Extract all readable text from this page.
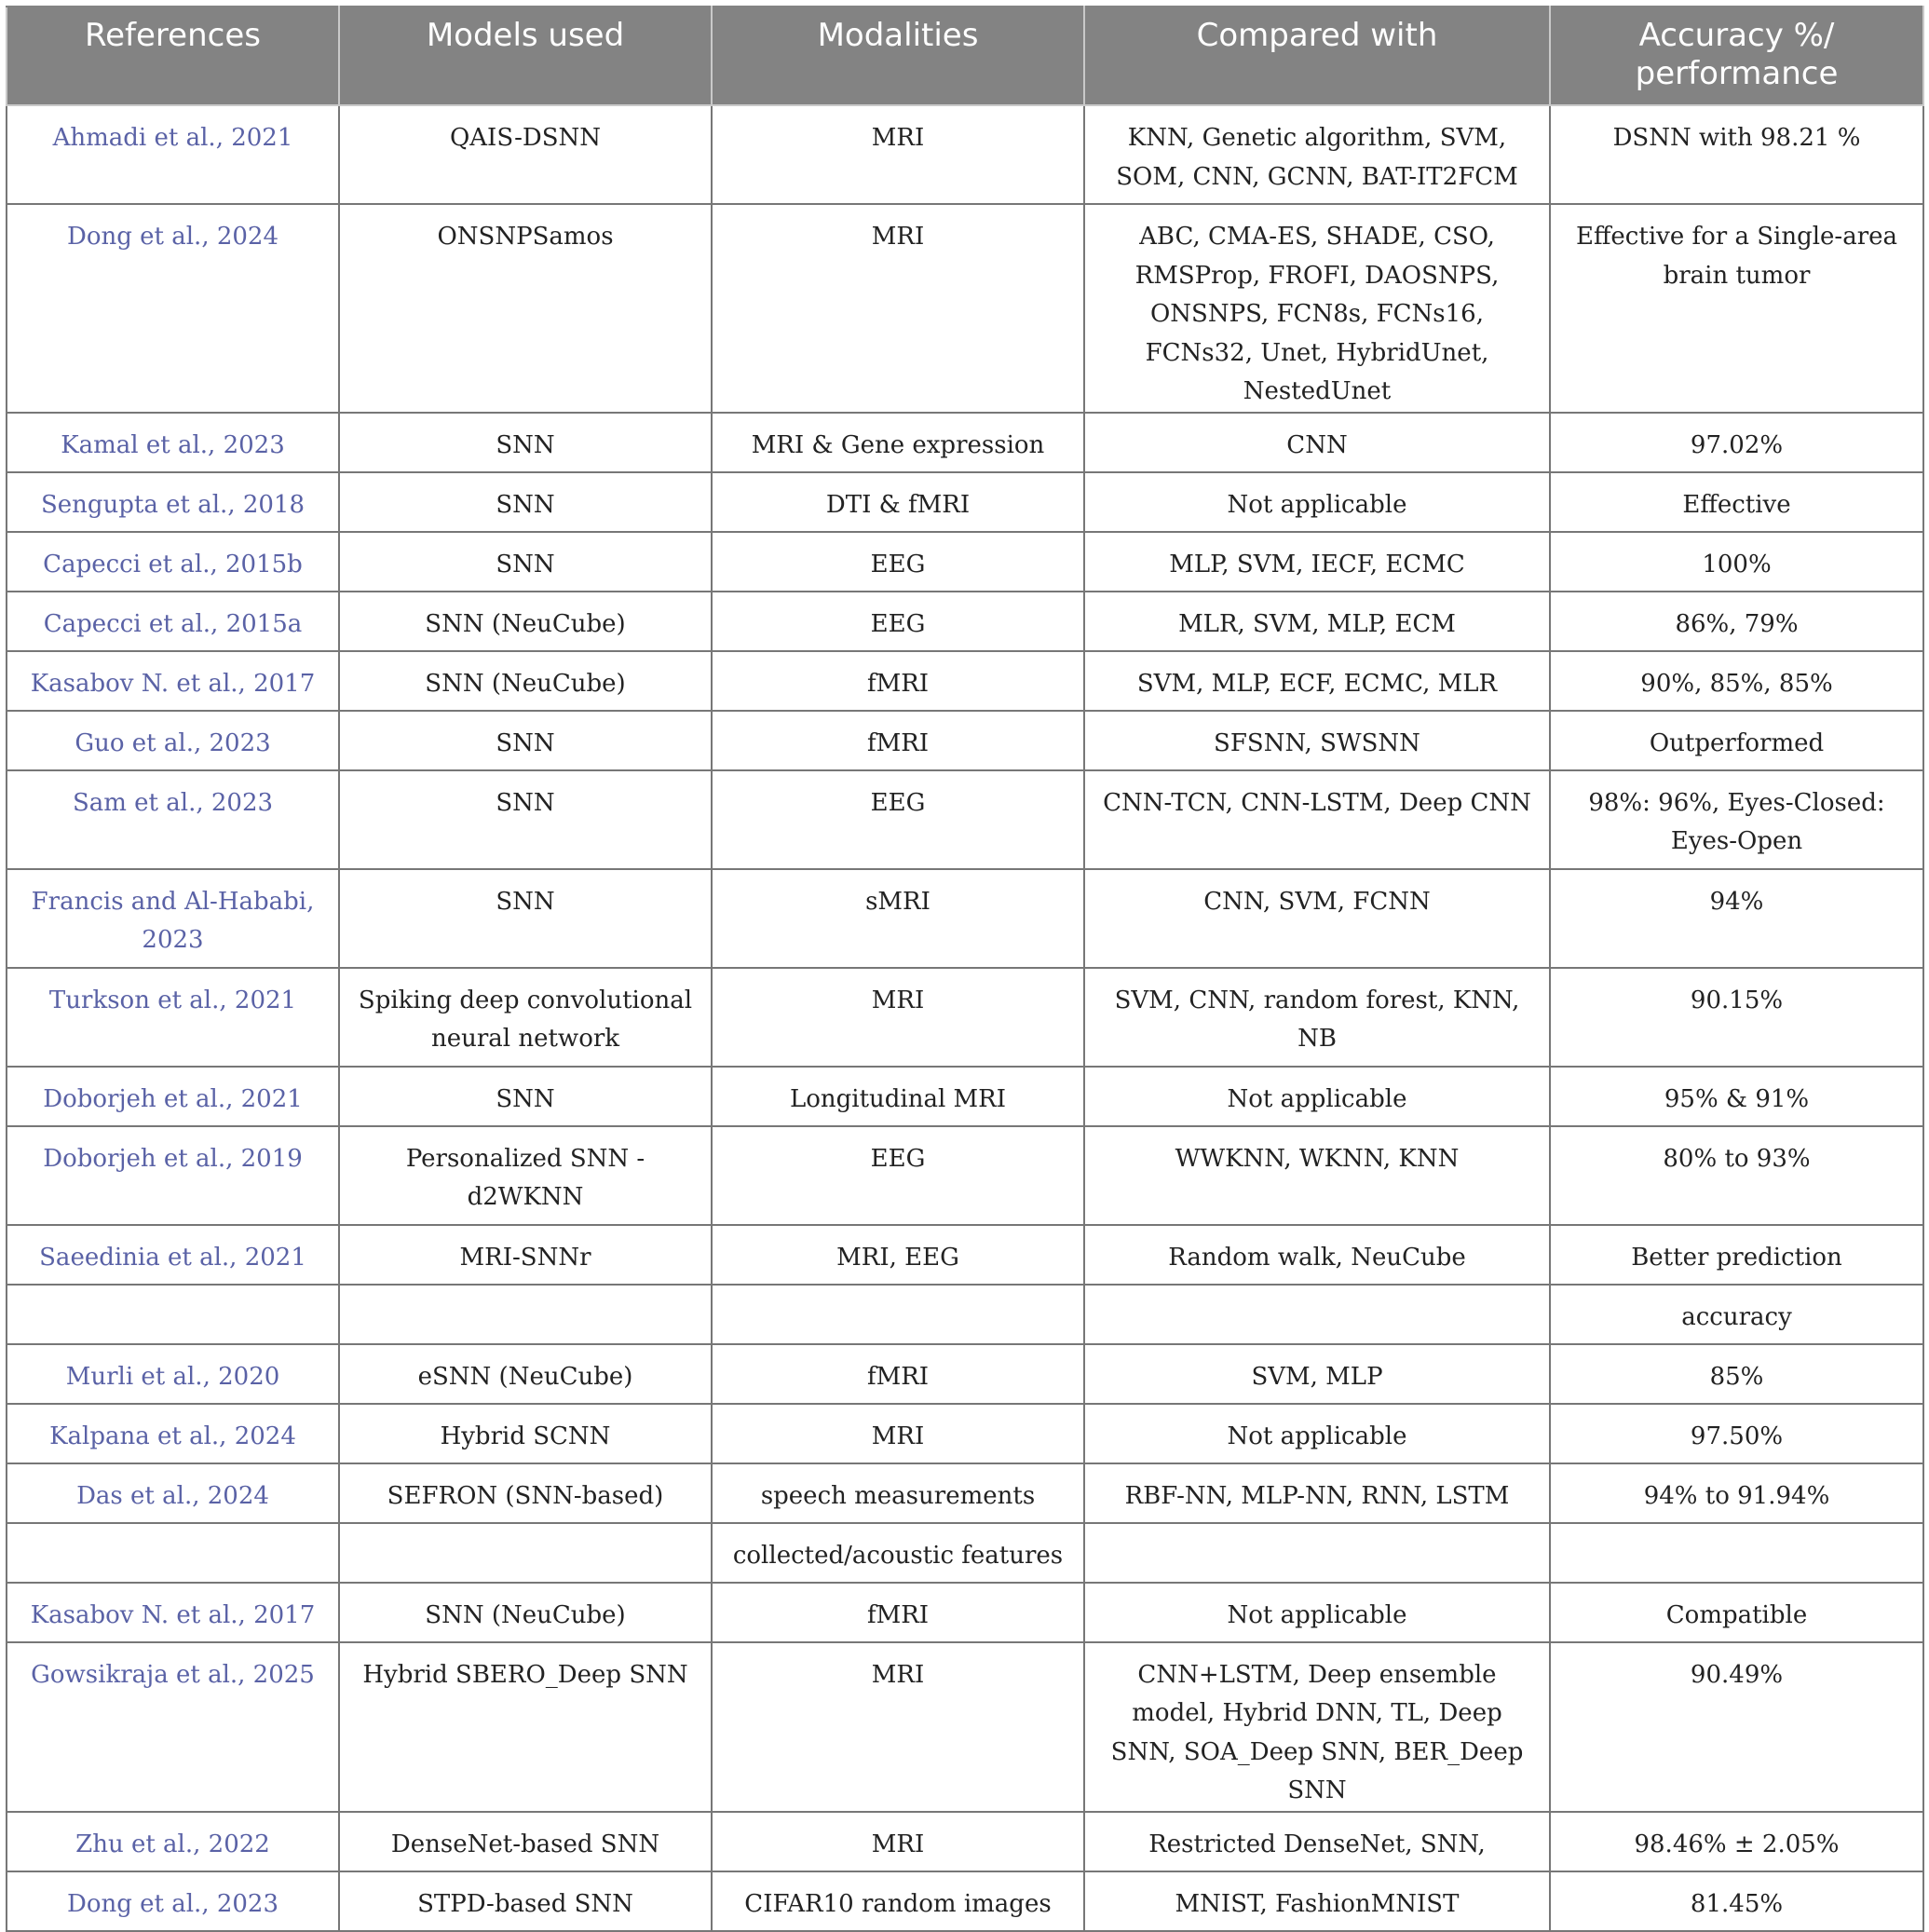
References	Models used	Modalities	Compared with	Accuracy %/ performance
Ahmadi et al., 2021	QAIS-DSNN	MRI	KNN, Genetic algorithm, SVM, SOM, CNN, GCNN, BAT-IT2FCM	DSNN with 98.21 %
Dong et al., 2024	ONSNPSamos	MRI	ABC, CMA-ES, SHADE, CSO, RMSProp, FROFI, DAOSNPS, ONSNPS, FCN8s, FCNs16, FCNs32, Unet, HybridUnet, NestedUnet	Effective for a Single-area brain tumor
Kamal et al., 2023	SNN	MRI & Gene expression	CNN	97.02%
Sengupta et al., 2018	SNN	DTI & fMRI	Not applicable	Effective
Capecci et al., 2015b	SNN	EEG	MLP, SVM, IECF, ECMC	100%
Capecci et al., 2015a	SNN (NeuCube)	EEG	MLR, SVM, MLP, ECM	86%, 79%
Kasabov N. et al., 2017	SNN (NeuCube)	fMRI	SVM, MLP, ECF, ECMC, MLR	90%, 85%, 85%
Guo et al., 2023	SNN	fMRI	SFSNN, SWSNN	Outperformed
Sam et al., 2023	SNN	EEG	CNN-TCN, CNN-LSTM, Deep CNN	98%: 96%, Eyes-Closed: Eyes-Open
Francis and Al-Hababi, 2023	SNN	sMRI	CNN, SVM, FCNN	94%
Turkson et al., 2021	Spiking deep convolutional neural network	MRI	SVM, CNN, random forest, KNN, NB	90.15%
Doborjeh et al., 2021	SNN	Longitudinal MRI	Not applicable	95% & 91%
Doborjeh et al., 2019	Personalized SNN - d2WKNN	EEG	WWKNN, WKNN, KNN	80% to 93%
Saeedinia et al., 2021	MRI-SNNr	MRI, EEG	Random walk, NeuCube	Better prediction
				accuracy
Murli et al., 2020	eSNN (NeuCube)	fMRI	SVM, MLP	85%
Kalpana et al., 2024	Hybrid SCNN	MRI	Not applicable	97.50%
Das et al., 2024	SEFRON (SNN-based)	speech measurements	RBF-NN, MLP-NN, RNN, LSTM	94% to 91.94%
		collected/acoustic features		
Kasabov N. et al., 2017	SNN (NeuCube)	fMRI	Not applicable	Compatible
Gowsikraja et al., 2025	Hybrid SBERO_Deep SNN	MRI	CNN+LSTM, Deep ensemble model, Hybrid DNN, TL, Deep SNN, SOA_Deep SNN, BER_Deep SNN	90.49%
Zhu et al., 2022	DenseNet-based SNN	MRI	Restricted DenseNet, SNN,	98.46% ± 2.05%
Dong et al., 2023	STPD-based SNN	CIFAR10 random images	MNIST, FashionMNIST	81.45%
